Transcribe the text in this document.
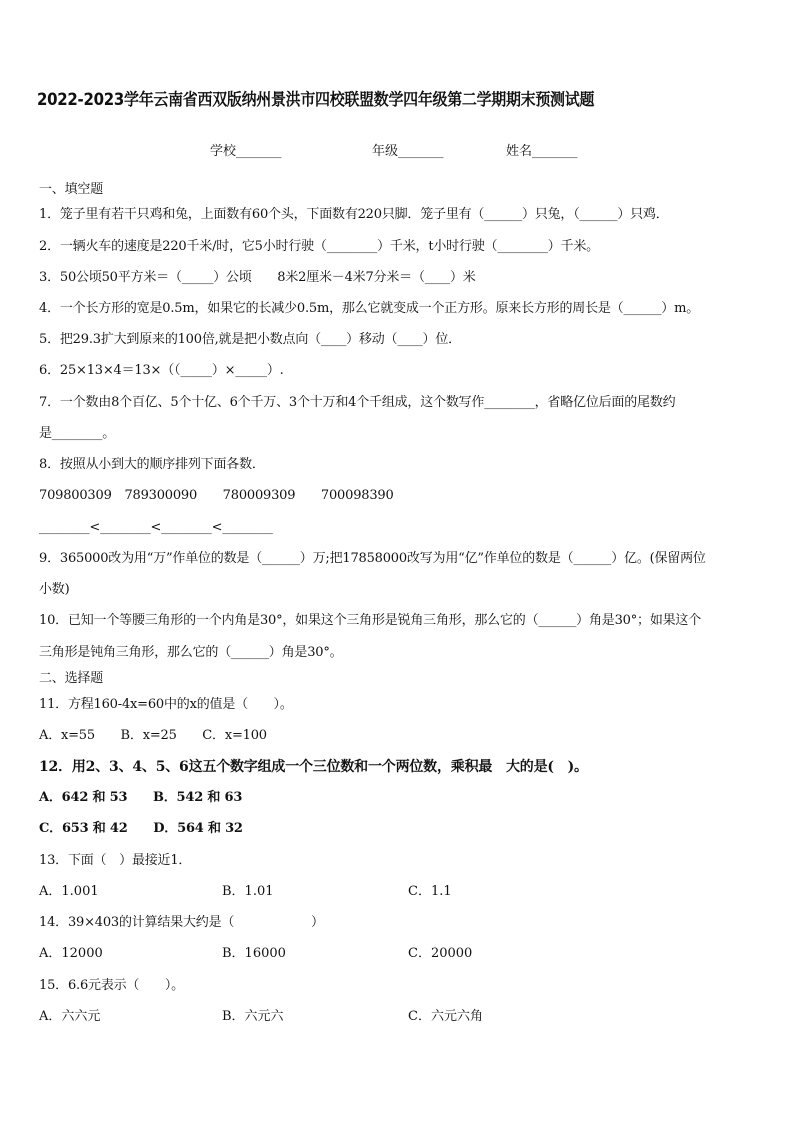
2022-2023学年云南省西双版纳州景洪市四校联盟数学四年级第二学期期末预测试题
学校_______	年级_______	姓名_______
一、填空题
1．笼子里有若干只鸡和兔，上面数有60个头，下面数有220只脚．笼子里有（______）只兔，（______）只鸡．
2．一辆火车的速度是220千米/时，它5小时行驶（________）千米，t小时行驶（________）千米。
3．50公顷50平方米＝（_____）公顷　　8米2厘米－4米7分米＝（____）米
4．一个长方形的宽是0.5m，如果它的长减少0.5m，那么它就变成一个正方形。原来长方形的周长是（______）m。
5．把29.3扩大到原来的100倍,就是把小数点向（____）移动（____）位．
6．25×13×4＝13×（（_____）×_____）.
7．一个数由8个百亿、5个十亿、6个千万、3个十万和4个千组成，这个数写作________，省略亿位后面的尾数约
是________。
8．按照从小到大的顺序排列下面各数．
709800309　789300090　　780009309　　700098390
________<________<________<________
9．365000改为用“万”作单位的数是（______）万;把17858000改写为用“亿”作单位的数是（______）亿。(保留两位
小数)
10．已知一个等腰三角形的一个内角是30°，如果这个三角形是锐角三角形，那么它的（______）角是30°；如果这个
三角形是钝角三角形，那么它的（______）角是30°。
二、选择题
11．方程160-4x=60中的x的值是（　　）。
A．x=55　　B．x=25　　C．x=100
12．用2、3、4、5、6这五个数字组成一个三位数和一个两位数，乘积最　大的是(　)。
A．642 和 53　　B．542 和 63
C．653 和 42　　D．564 和 32
13．下面（　）最接近1．
A．1.001	B．1.01	C．1.1
14．39×403的计算结果大约是（　　　　　　）
A．12000	B．16000	C．20000
15．6.6元表示（　　）。
A．六六元	B．六元六	C．六元六角
